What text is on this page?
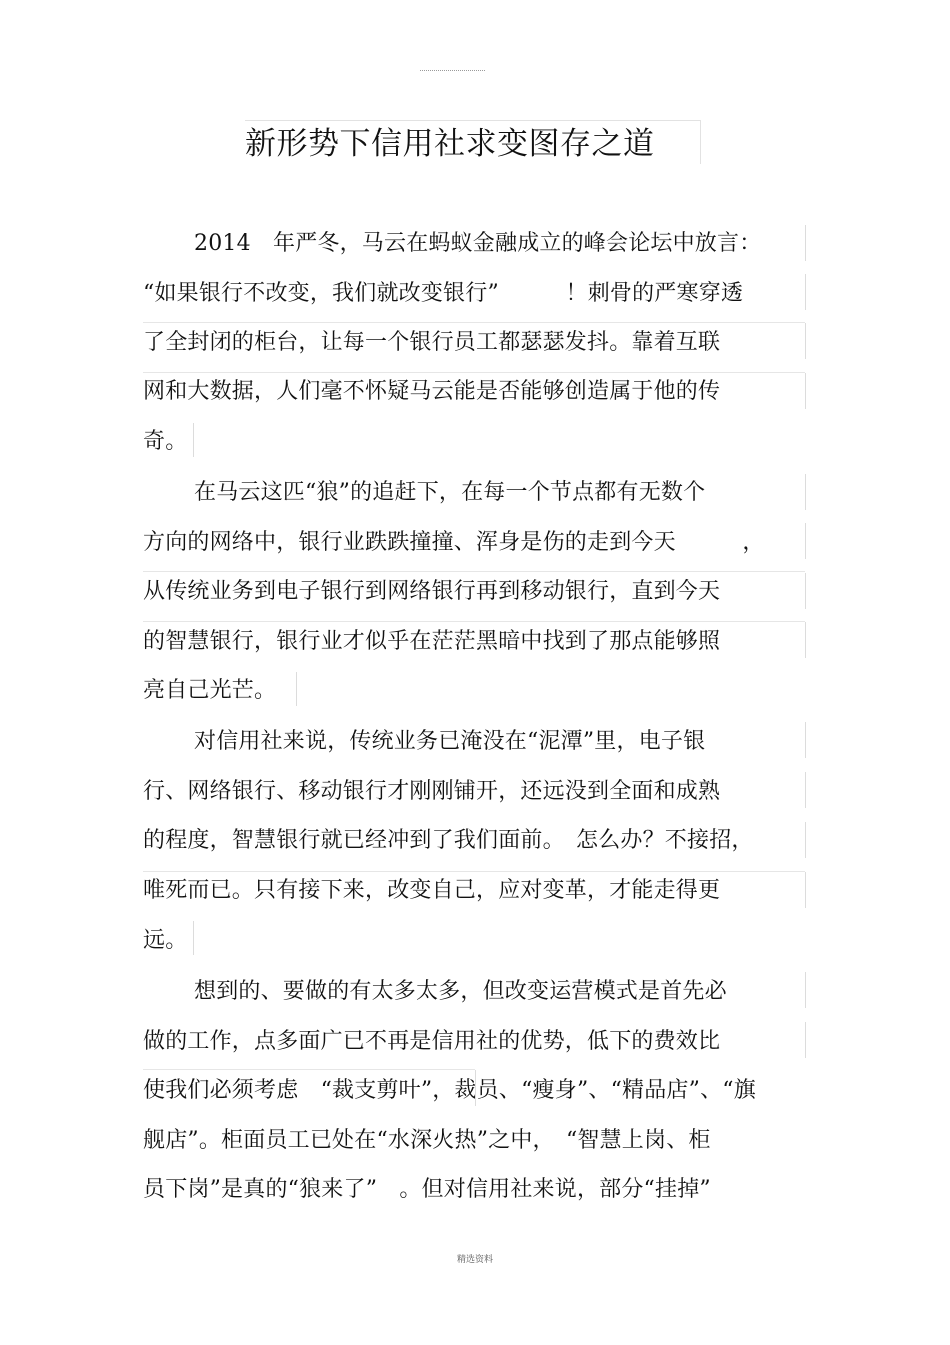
新形势下信用社求变图存之道
2014　年严冬，马云在蚂蚁金融成立的峰会论坛中放言：
“如果银行不改变，我们就改变银行”　　　！刺骨的严寒穿透
了全封闭的柜台，让每一个银行员工都瑟瑟发抖。靠着互联
网和大数据，人们毫不怀疑马云能是否能够创造属于他的传
奇。
在马云这匹“狼”的追赶下，在每一个节点都有无数个
方向的网络中，银行业跌跌撞撞、浑身是伤的走到今天　　　，
从传统业务到电子银行到网络银行再到移动银行，直到今天
的智慧银行，银行业才似乎在茫茫黑暗中找到了那点能够照
亮自己光芒。
对信用社来说，传统业务已淹没在“泥潭”里，电子银
行、网络银行、移动银行才刚刚铺开，还远没到全面和成熟
的程度，智慧银行就已经冲到了我们面前。　怎么办？不接招，
唯死而已。只有接下来，改变自己，应对变革，才能走得更
远。
想到的、要做的有太多太多，但改变运营模式是首先必
做的工作，点多面广已不再是信用社的优势，低下的费效比
使我们必须考虑　“裁支剪叶”，裁员、“瘦身”、“精品店”、“旗
舰店”。柜面员工已处在“水深火热”之中，　“智慧上岗、柜
员下岗”是真的“狼来了”　。但对信用社来说，部分“挂掉”
精选资料
